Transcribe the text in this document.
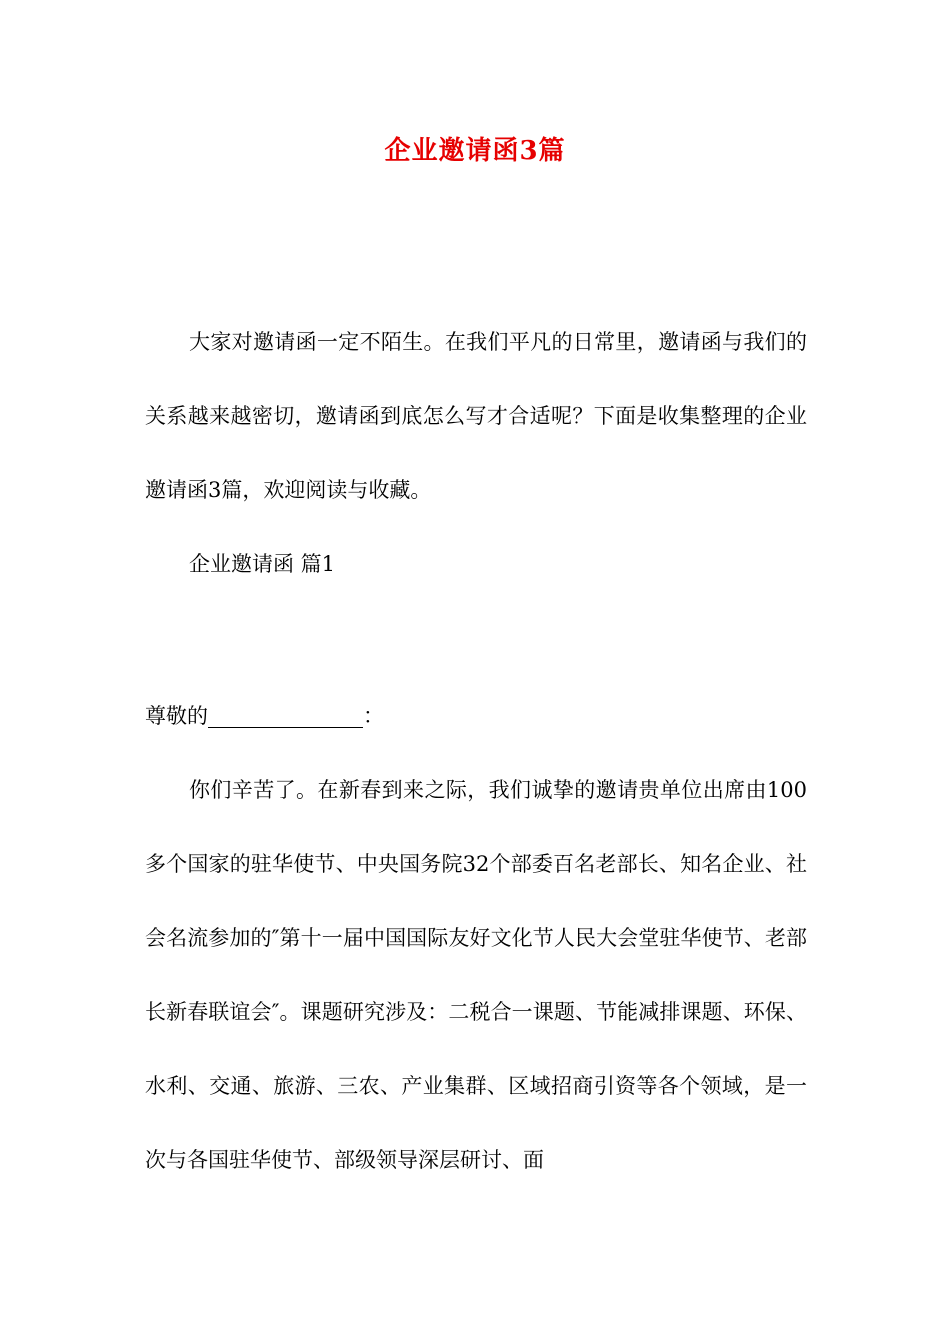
企业邀请函3篇
大家对邀请函一定不陌生。在我们平凡的日常里，邀请函与我们的关系越来越密切，邀请函到底怎么写才合适呢？下面是收集整理的企业邀请函3篇，欢迎阅读与收藏。
企业邀请函 篇1
尊敬的	：
你们辛苦了。在新春到来之际，我们诚挚的邀请贵单位出席由100多个国家的驻华使节、中央国务院32个部委百名老部长、知名企业、社会名流参加的″第十一届中国国际友好文化节人民大会堂驻华使节、老部长新春联谊会″。课题研究涉及：二税合一课题、节能减排课题、环保、水利、交通、旅游、三农、产业集群、区域招商引资等各个领域，是一次与各国驻华使节、部级领导深层研讨、面
